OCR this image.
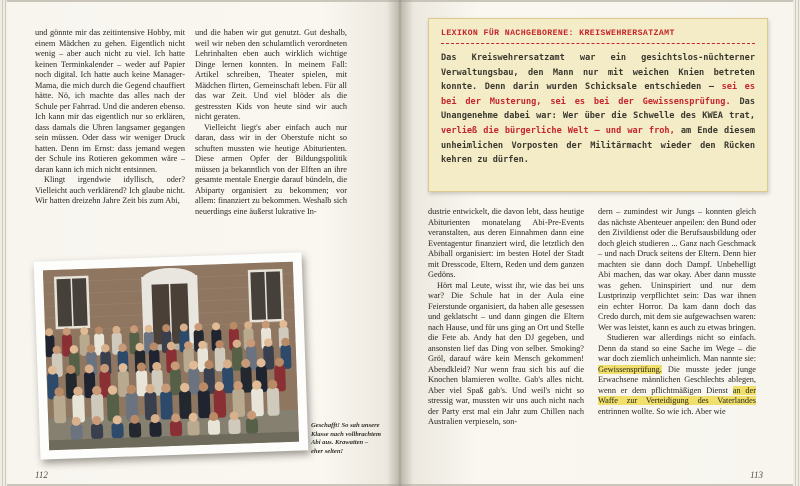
und gönnte mir das zeitintensive Hobby, mit einem Mädchen zu gehen. Eigentlich nicht wenig – aber auch nicht zu viel. Ich hatte keinen Terminkalender – weder auf Papier noch digital. Ich hatte auch keine Manager-Mama, die mich durch die Gegend chauffiert hätte. Nö, ich machte das alles nach der Schule per Fahrrad. Und die anderen ebenso. Ich kann mir das eigentlich nur so erklären, dass damals die Uhren langsamer gegangen sein müssen. Oder dass wir weniger Druck hatten. Denn im Ernst: dass jemand wegen der Schule ins Rotieren gekommen wäre – daran kann ich mich nicht entsinnen.

Klingt irgendwie idyllisch, oder? Vielleicht auch verklärend? Ich glaube nicht. Wir hatten dreizehn Jahre Zeit bis zum Abi,

und die haben wir gut genutzt. Gut deshalb, weil wir neben den schulamtlich verordneten Lehrinhalten eben auch wirklich wichtige Dinge lernen konnten. In meinem Fall: Artikel schreiben, Theater spielen, mit Mädchen flirten, Gemeinschaft leben. Für all das war Zeit. Und viel blöder als die gestressten Kids von heute sind wir auch nicht geraten.

Vielleicht liegt's aber einfach auch nur daran, dass wir in der Oberstufe nicht so schuften mussten wie heutige Abiturienten. Diese armen Opfer der Bildungspolitik müssen ja bekanntlich von der Elften an ihre gesamte mentale Energie darauf bündeln, die Abiparty organisiert zu bekommen; vor allem: finanziert zu bekommen. Weshalb sich neuerdings eine äußerst lukrative In-

Geschafft! So sah unsere Klasse nach vollbrachtem Abi aus. Krawatten – eher selten!
112
LEXIKON FÜR NACHGEBORENE: KREISWEHRERSATZAMT
Das Kreiswehrersatzamt war ein gesichtslos-nüchterner Verwaltungsbau, den Mann nur mit weichen Knien betreten konnte. Denn darin wurden Schicksale entschieden – sei es bei der Musterung, sei es bei der Gewissensprüfung. Das Unangenehme dabei war: Wer über die Schwelle des KWEA trat, verließ die bürgerliche Welt – und war froh, am Ende diesem unheimlichen Vorposten der Militärmacht wieder den Rücken kehren zu dürfen.

dustrie entwickelt, die davon lebt, dass heutige Abiturienten monatelang Abi-Pre-Events veranstalten, aus deren Einnahmen dann eine Eventagentur finanziert wird, die letztlich den Abiball organisiert: im besten Hotel der Stadt mit Dresscode, Eltern, Reden und dem ganzen Gedöns.

Hört mal Leute, wisst ihr, wie das bei uns war? Die Schule hat in der Aula eine Feierstunde organisiert, da haben alle gesessen und geklatscht – und dann gingen die Eltern nach Hause, und für uns ging an Ort und Stelle die Fete ab. Andy hat den DJ gegeben, und ansonsten lief das Ding von selber. Smoking? Gröl, darauf wäre kein Mensch gekommen! Abendkleid? Nur wenn frau sich bis auf die Knochen blamieren wollte. Gab's alles nicht. Aber viel Spaß gab's. Und weil's nicht so stressig war, mussten wir uns auch nicht nach der Party erst mal ein Jahr zum Chillen nach Australien verpieseln, son-

dern – zumindest wir Jungs – konnten gleich das nächste Abenteuer anpeilen: den Bund oder den Zivildienst oder die Berufsausbildung oder doch gleich studieren ... Ganz nach Geschmack – und nach Druck seitens der Eltern. Denn hier machten sie dann doch Dampf. Unbehelligt Abi machen, das war okay. Aber dann musste was gehen. Uninspiriert und nur dem Lustprinzip verpflichtet sein: Das war ihnen ein echter Horror. Da kam dann doch das Credo durch, mit dem sie aufgewachsen waren: Wer was leistet, kann es auch zu etwas bringen.

Studieren war allerdings nicht so einfach. Denn da stand so eine Sache im Wege – die war doch ziemlich unheimlich. Man nannte sie: Gewissensprüfung. Die musste jeder junge Erwachsene männlichen Geschlechts ablegen, wenn er dem pflichtmäßigen Dienst an der Waffe zur Verteidigung des Vaterlandes entrinnen wollte. So wie ich. Aber wie

113
